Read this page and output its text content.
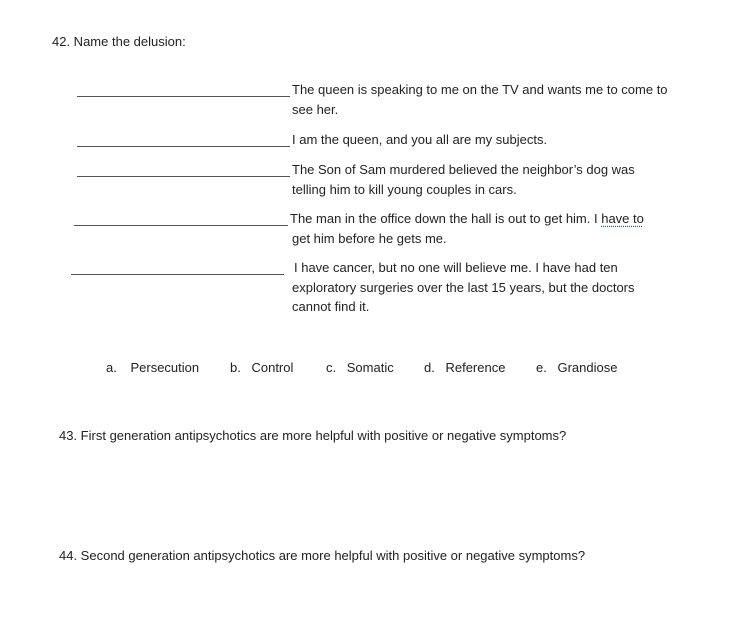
42. Name the delusion:
The queen is speaking to me on the TV and wants me to come to
see her.
I am the queen, and you all are my subjects.
The Son of Sam murdered believed the neighbor’s dog was
telling him to kill young couples in cars.
The man in the office down the hall is out to get him. I have to
get him before he gets me.
I have cancer, but no one will believe me. I have had ten
exploratory surgeries over the last 15 years, but the doctors
cannot find it.
a. Persecution b. Control	c. Somatic d. Reference e. Grandiose
43. First generation antipsychotics are more helpful with positive or negative symptoms?
44. Second generation antipsychotics are more helpful with positive or negative symptoms?
